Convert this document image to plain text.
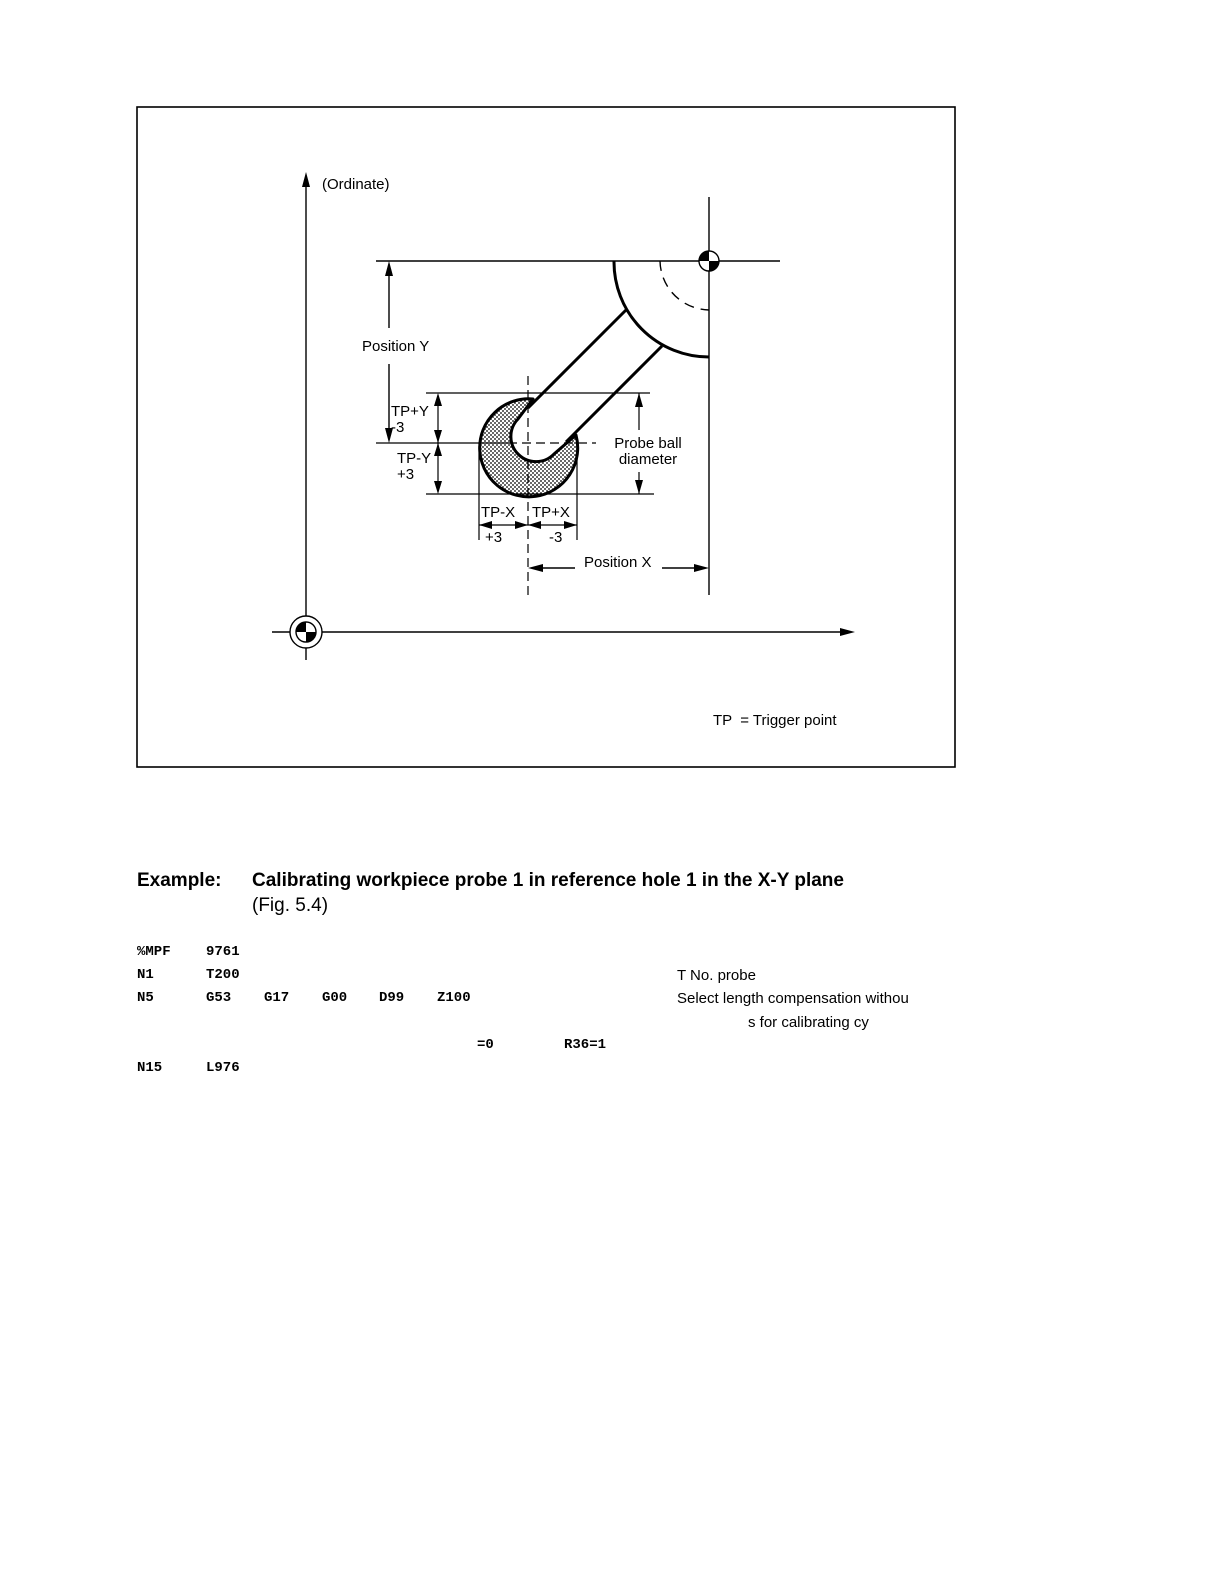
(Ordinate)
Position Y
TP+Y
-3
TP-Y
+3
Probe ball
diameter
TP-X TP+X
+3	-3
Position X
TP  = Trigger point
Example: Calibrating workpiece probe 1 in reference hole 1 in the X-Y plane
(Fig. 5.4)
%MPF	9761
N1	T200	T No. probe
N5	G53 G17 G00 D99 Z100	Select length compensation withou
s for calibrating cy
=0	R36=1
N15	L976
